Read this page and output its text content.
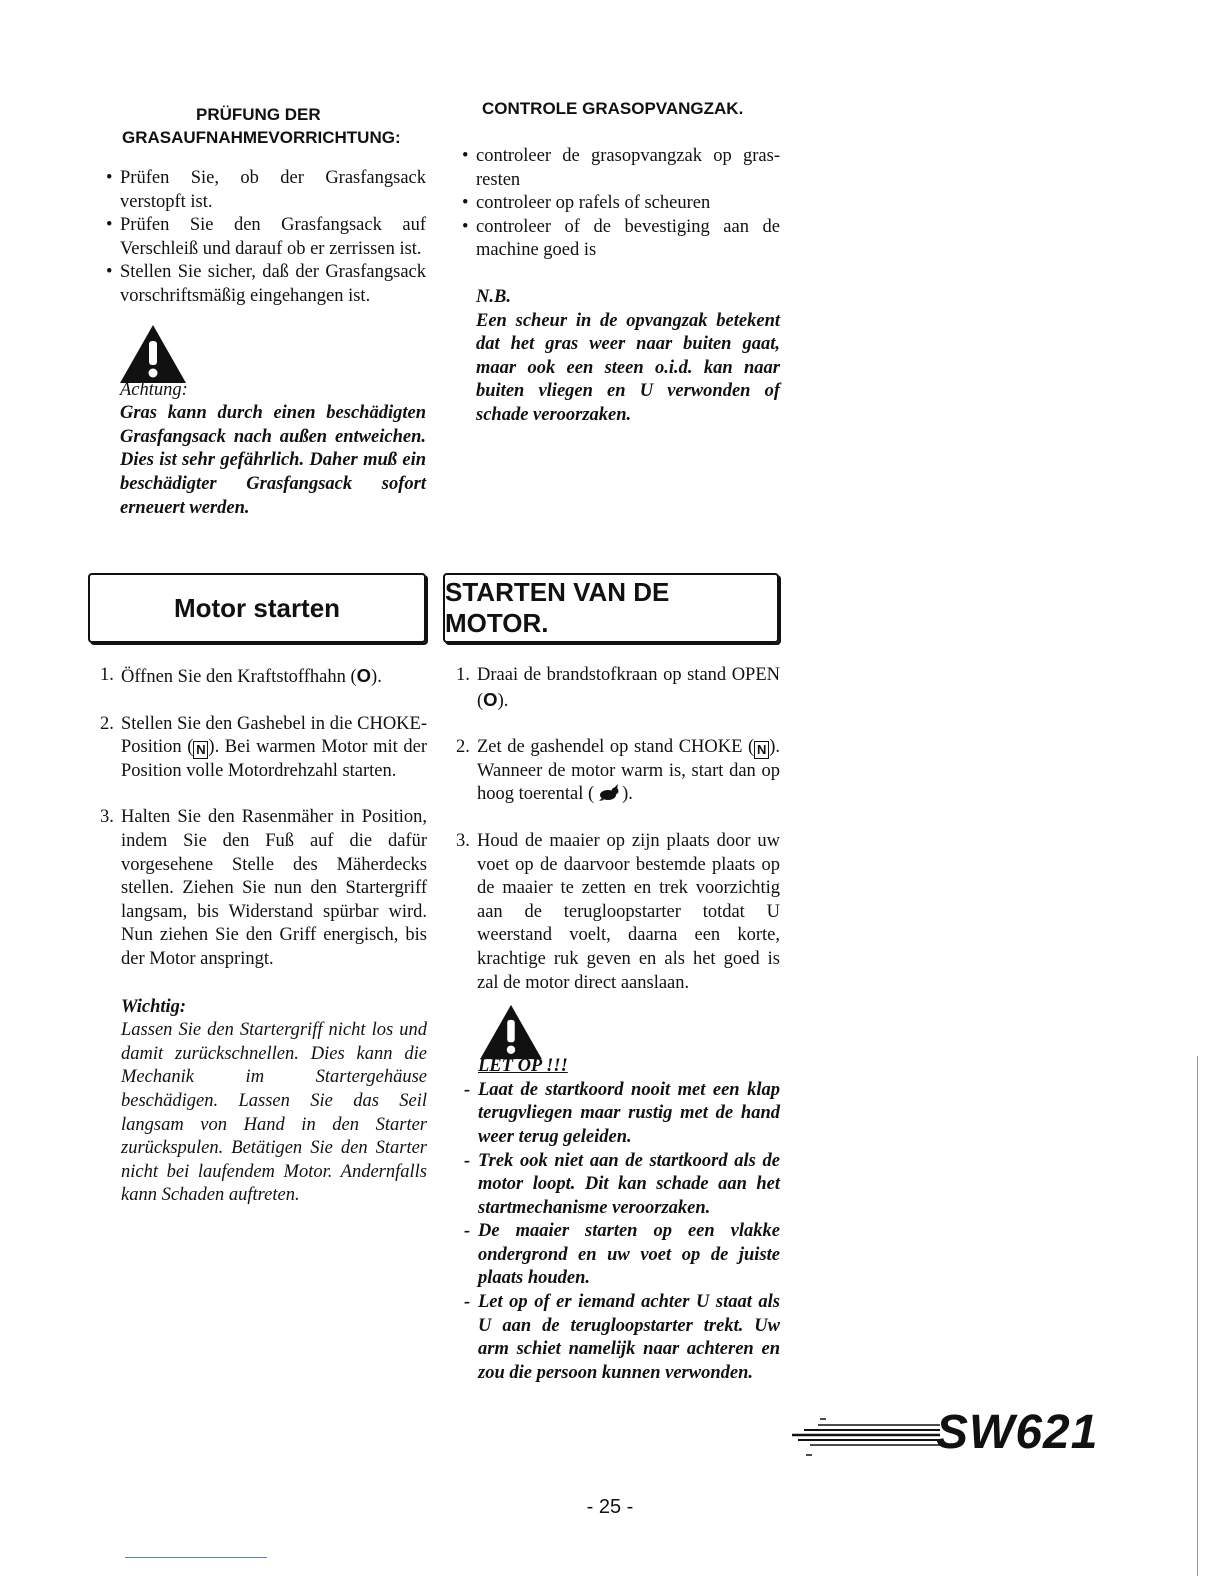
PRÜFUNG DER
GRASAUFNAHMEVORRICHTUNG:
• Prüfen Sie, ob der Grasfangsack verstopft ist.
• Prüfen Sie den Grasfangsack auf Verschleiß und darauf ob er zerrissen ist.
• Stellen Sie sicher, daß der Grasfangsack vorschriftsmäßig eingehangen ist.
Achtung:
Gras kann durch einen beschädigten Grasfangsack nach außen entweichen. Dies ist sehr gefährlich. Daher muß ein beschädigter Grasfangsack sofort erneuert werden.
CONTROLE GRASOPVANGZAK.
• controleer de grasopvangzak op gras-resten
• controleer op rafels of scheuren
• controleer of de bevestiging aan de machine goed is
N.B.
Een scheur in de opvangzak betekent dat het gras weer naar buiten gaat, maar ook een steen o.i.d. kan naar buiten vliegen en U verwonden of schade veroorzaken.
Motor starten
STARTEN VAN DE MOTOR.
1. Öffnen Sie den Kraftstoffhahn (O).
2. Stellen Sie den Gashebel in die CHOKE-Position ( N ). Bei warmen Motor mit der Position volle Motordrehzahl starten.
3. Halten Sie den Rasenmäher in Position, indem Sie den Fuß auf die dafür vorgesehene Stelle des Mäherdecks stellen. Ziehen Sie nun den Startergriff langsam, bis Widerstand spürbar wird. Nun ziehen Sie den Griff energisch, bis der Motor anspringt.
Wichtig:
Lassen Sie den Startergriff nicht los und damit zurückschnellen. Dies kann die Mechanik im Startergehäuse beschädigen. Lassen Sie das Seil langsam von Hand in den Starter zurückspulen. Betätigen Sie den Starter nicht bei laufendem Motor. Andernfalls kann Schaden auftreten.
1. Draai de brandstofkraan op stand OPEN (O).
2. Zet de gashendel op stand CHOKE ( N ). Wanneer de motor warm is, start dan op hoog toerental ( ).
3. Houd de maaier op zijn plaats door uw voet op de daarvoor bestemde plaats op de maaier te zetten en trek voorzichtig aan de terugloopstarter totdat U weerstand voelt, daarna een korte, krachtige ruk geven en als het goed is zal de motor direct aanslaan.
LET OP !!!
- Laat de startkoord nooit met een klap terugvliegen maar rustig met de hand weer terug geleiden.
- Trek ook niet aan de startkoord als de motor loopt. Dit kan schade aan het startmechanisme veroorzaken.
- De maaier starten op een vlakke ondergrond en uw voet op de juiste plaats houden.
- Let op of er iemand achter U staat als U aan de terugloopstarter trekt. Uw arm schiet namelijk naar achteren en zou die persoon kunnen verwonden.
SW621
- 25 -
